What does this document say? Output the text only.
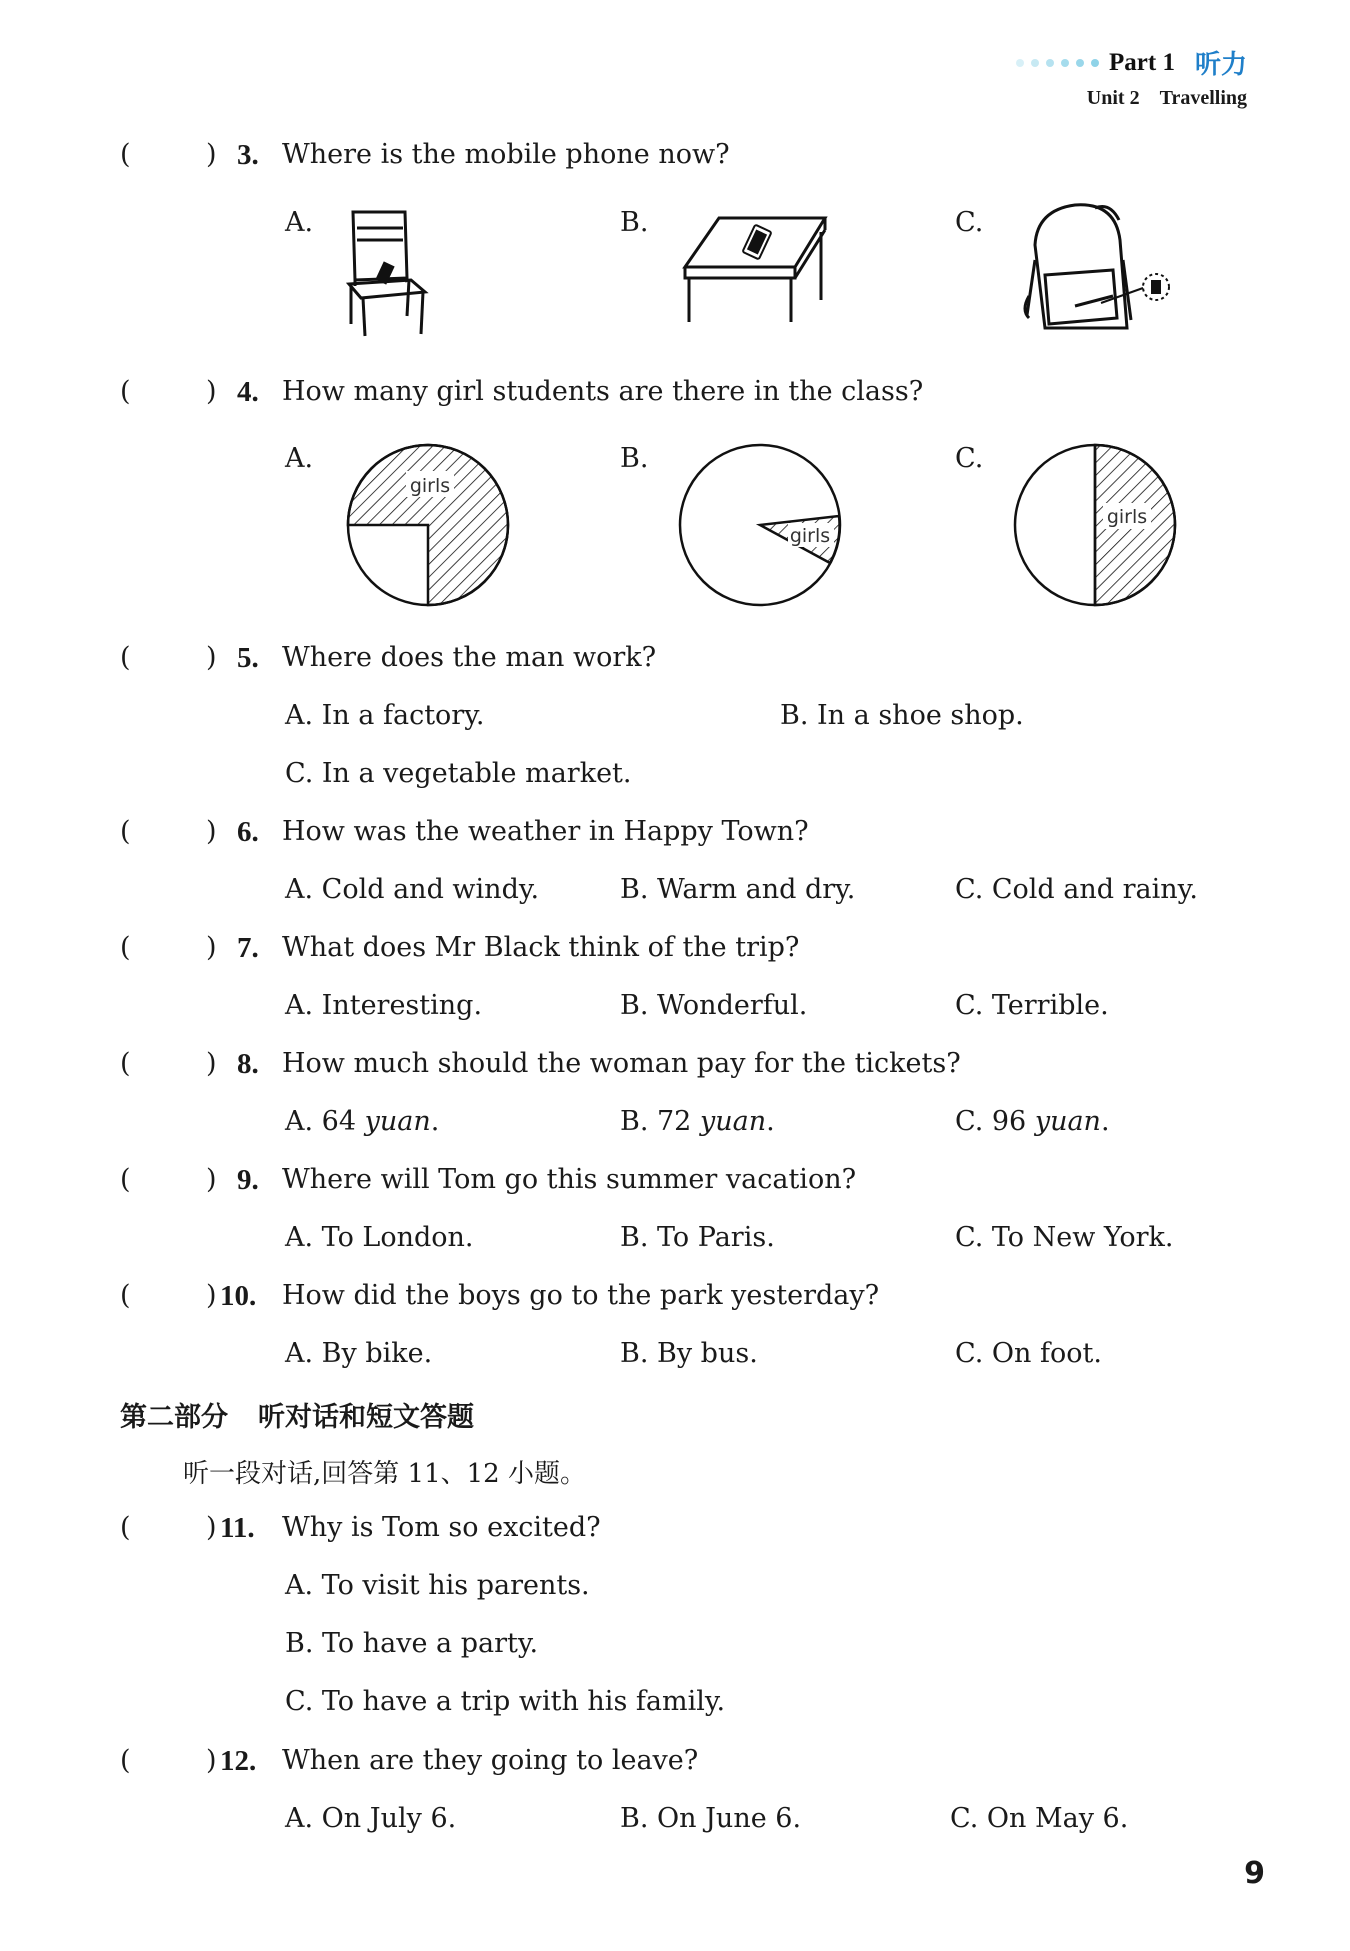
Part 1 听力
Unit 2 Travelling
(	) 3. Where is the mobile phone now?
A.	B.	C.
(	) 4. How many girl students are there in the class?
A.	B.	C.
girls
girls
girls
(	) 5. Where does the man work?
A. In a factory.	B. In a shoe shop.
C. In a vegetable market.
(	) 6. How was the weather in Happy Town?
A. Cold and windy.	B. Warm and dry.	C. Cold and rainy.
(	) 7. What does Mr Black think of the trip?
A. Interesting.	B. Wonderful.	C. Terrible.
(	) 8. How much should the woman pay for the tickets?
A. 64 yuan.	B. 72 yuan.	C. 96 yuan.
(	) 9. Where will Tom go this summer vacation?
A. To London.	B. To Paris.	C. To New York.
(	) 10. How did the boys go to the park yesterday?
A. By bike.	B. By bus.	C. On foot.
第二部分 听对话和短文答题
听一段对话,回答第 11、12 小题。
(	) 11. Why is Tom so excited?
A. To visit his parents.
B. To have a party.
C. To have a trip with his family.
(	) 12. When are they going to leave?
A. On July 6.	B. On June 6.	C. On May 6.
9
